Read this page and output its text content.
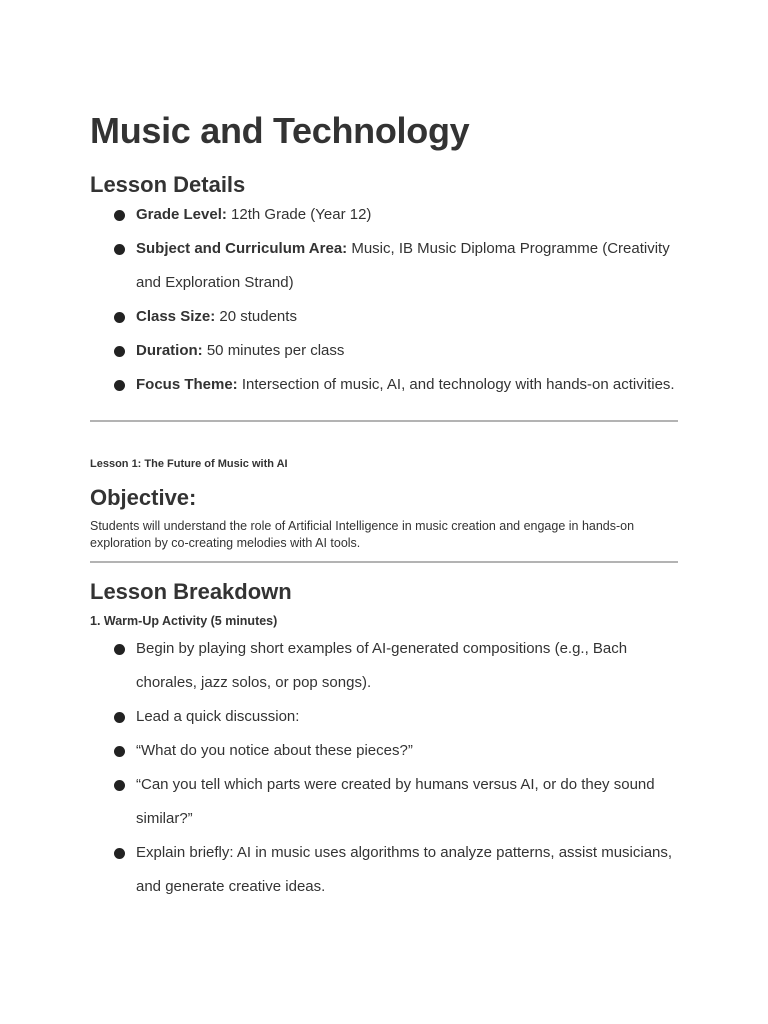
Music and Technology
Lesson Details
Grade Level: 12th Grade (Year 12)
Subject and Curriculum Area: Music, IB Music Diploma Programme (Creativity and Exploration Strand)
Class Size: 20 students
Duration: 50 minutes per class
Focus Theme: Intersection of music, AI, and technology with hands-on activities.

Lesson 1: The Future of Music with AI

Objective:

Students will understand the role of Artificial Intelligence in music creation and engage in hands-on exploration by co-creating melodies with AI tools.

Lesson Breakdown

1. Warm-Up Activity (5 minutes)

Begin by playing short examples of AI-generated compositions (e.g., Bach chorales, jazz solos, or pop songs).
Lead a quick discussion:
“What do you notice about these pieces?”
“Can you tell which parts were created by humans versus AI, or do they sound similar?”
Explain briefly: AI in music uses algorithms to analyze patterns, assist musicians, and generate creative ideas.
